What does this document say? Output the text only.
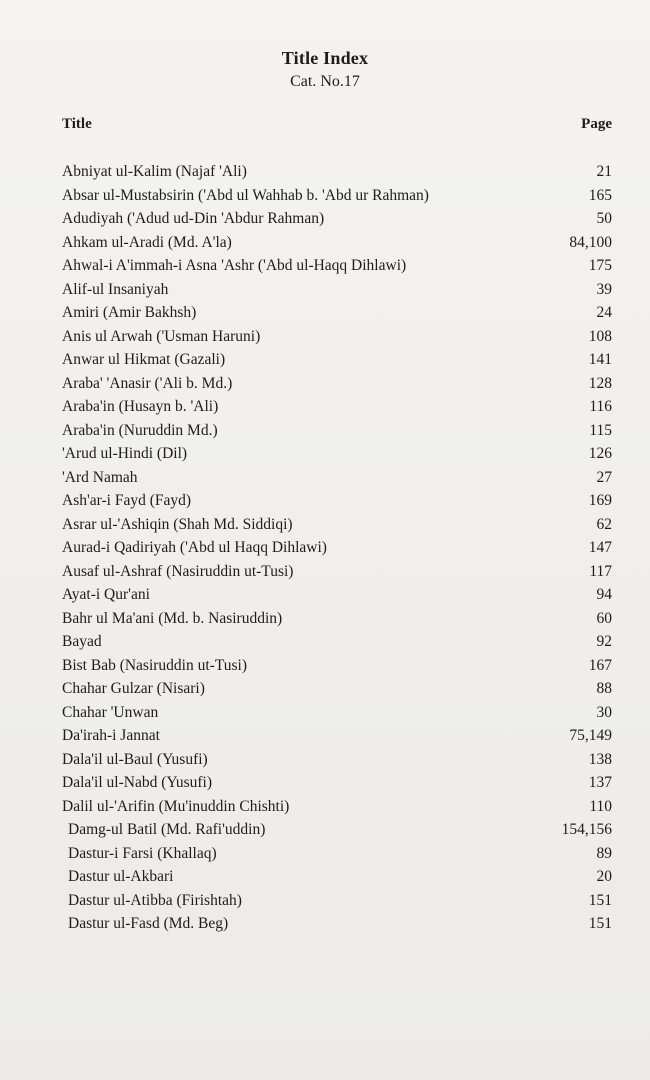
Title Index
Cat. No.17
Title	Page
Abniyat ul-Kalim (Najaf 'Ali)	21
Absar ul-Mustabsirin ('Abd ul Wahhab b. 'Abd ur Rahman)	165
Adudiyah ('Adud ud-Din 'Abdur Rahman)	50
Ahkam ul-Aradi (Md. A'la)	84,100
Ahwal-i A'immah-i Asna 'Ashr ('Abd ul-Haqq Dihlawi)	175
Alif-ul Insaniyah	39
Amiri (Amir Bakhsh)	24
Anis ul Arwah ('Usman Haruni)	108
Anwar ul Hikmat (Gazali)	141
Araba' 'Anasir ('Ali b. Md.)	128
Araba'in (Husayn b. 'Ali)	116
Araba'in (Nuruddin Md.)	115
'Arud ul-Hindi (Dil)	126
'Ard Namah	27
Ash'ar-i Fayd (Fayd)	169
Asrar ul-'Ashiqin (Shah Md. Siddiqi)	62
Aurad-i Qadiriyah ('Abd ul Haqq Dihlawi)	147
Ausaf ul-Ashraf (Nasiruddin ut-Tusi)	117
Ayat-i Qur'ani	94
Bahr ul Ma'ani (Md. b. Nasiruddin)	60
Bayad	92
Bist Bab (Nasiruddin ut-Tusi)	167
Chahar Gulzar (Nisari)	88
Chahar 'Unwan	30
Da'irah-i Jannat	75,149
Dala'il ul-Baul (Yusufi)	138
Dala'il ul-Nabd (Yusufi)	137
Dalil ul-'Arifin (Mu'inuddin Chishti)	110
Damg-ul Batil (Md. Rafi'uddin)	154,156
Dastur-i Farsi (Khallaq)	89
Dastur ul-Akbari	20
Dastur ul-Atibba (Firishtah)	151
Dastur ul-Fasd (Md. Beg)	151
